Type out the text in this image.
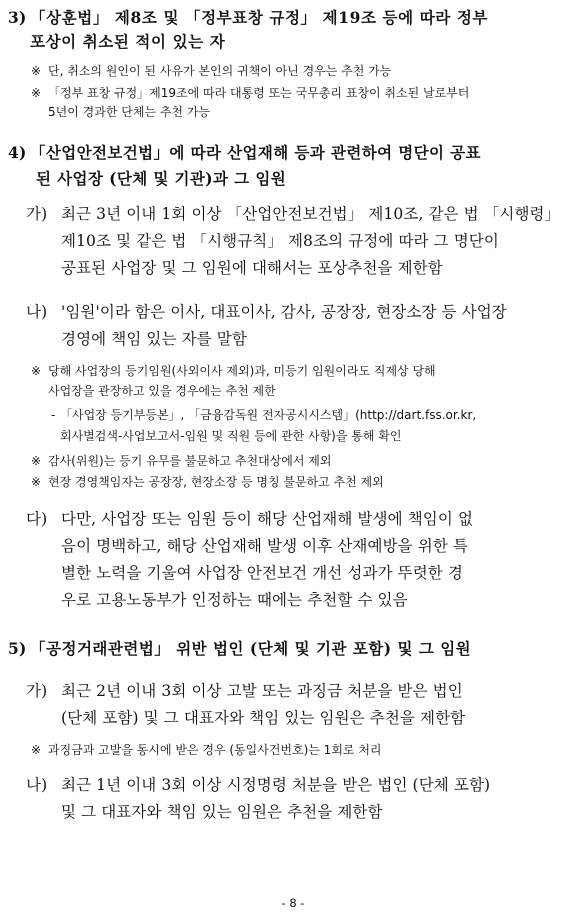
3) 「상훈법」 제8조 및 「정부표창 규정」 제19조 등에 따라 정부
포상이 취소된 적이 있는 자
※ 단, 취소의 원인이 된 사유가 본인의 귀책이 아닌 경우는 추천 가능
※ 「정부 표창 규정」제19조에 따라 대통령 또는 국무총리 표창이 취소된 날로부터
5년이 경과한 단체는 추천 가능
4) 「산업안전보건법」에 따라 산업재해 등과 관련하여 명단이 공표
된 사업장 (단체 및 기관)과 그 임원
가) 최근 3년 이내 1회 이상 「산업안전보건법」 제10조, 같은 법 「시행령」
제10조 및 같은 법 「시행규칙」 제8조의 규정에 따라 그 명단이
공표된 사업장 및 그 임원에 대해서는 포상추천을 제한함
나) '임원'이라 함은 이사, 대표이사, 감사, 공장장, 현장소장 등 사업장
경영에 책임 있는 자를 말함
※ 당해 사업장의 등기임원(사외이사 제외)과, 미등기 임원이라도 직제상 당해
사업장을 관장하고 있을 경우에는 추천 제한
- 「사업장 등기부등본」, 「금융감독원 전자공시시스템」(http://dart.fss.or.kr,
회사별검색-사업보고서-임원 및 직원 등에 관한 사항)을 통해 확인
※ 감사(위원)는 등기 유무를 불문하고 추천대상에서 제외
※ 현장 경영책임자는 공장장, 현장소장 등 명칭 불문하고 추천 제외
다) 다만, 사업장 또는 임원 등이 해당 산업재해 발생에 책임이 없
음이 명백하고, 해당 산업재해 발생 이후 산재예방을 위한 특
별한 노력을 기울여 사업장 안전보건 개선 성과가 뚜렷한 경
우로 고용노동부가 인정하는 때에는 추천할 수 있음
5) 「공정거래관련법」 위반 법인 (단체 및 기관 포함) 및 그 임원
가) 최근 2년 이내 3회 이상 고발 또는 과징금 처분을 받은 법인
(단체 포함) 및 그 대표자와 책임 있는 임원은 추천을 제한함
※ 과징금과 고발을 동시에 받은 경우 (동일사건번호)는 1회로 처리
나) 최근 1년 이내 3회 이상 시정명령 처분을 받은 법인 (단체 포함)
및 그 대표자와 책임 있는 임원은 추천을 제한함
- 8 -
